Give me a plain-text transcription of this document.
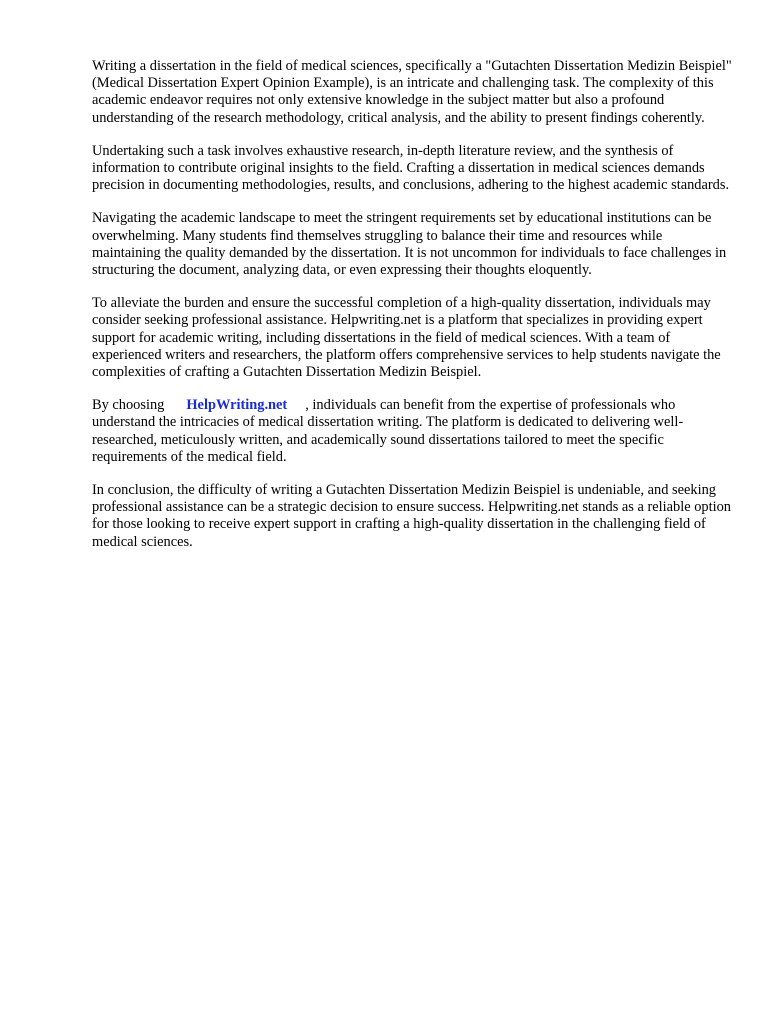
Writing a dissertation in the field of medical sciences, specifically a "Gutachten Dissertation Medizin Beispiel" (Medical Dissertation Expert Opinion Example), is an intricate and challenging task. The complexity of this academic endeavor requires not only extensive knowledge in the subject matter but also a profound understanding of the research methodology, critical analysis, and the ability to present findings coherently.

Undertaking such a task involves exhaustive research, in-depth literature review, and the synthesis of information to contribute original insights to the field. Crafting a dissertation in medical sciences demands precision in documenting methodologies, results, and conclusions, adhering to the highest academic standards.

Navigating the academic landscape to meet the stringent requirements set by educational institutions can be overwhelming. Many students find themselves struggling to balance their time and resources while maintaining the quality demanded by the dissertation. It is not uncommon for individuals to face challenges in structuring the document, analyzing data, or even expressing their thoughts eloquently.

To alleviate the burden and ensure the successful completion of a high-quality dissertation, individuals may consider seeking professional assistance. Helpwriting.net is a platform that specializes in providing expert support for academic writing, including dissertations in the field of medical sciences. With a team of experienced writers and researchers, the platform offers comprehensive services to help students navigate the complexities of crafting a Gutachten Dissertation Medizin Beispiel.

By choosing HelpWriting.net , individuals can benefit from the expertise of professionals who understand the intricacies of medical dissertation writing. The platform is dedicated to delivering well-researched, meticulously written, and academically sound dissertations tailored to meet the specific requirements of the medical field.

In conclusion, the difficulty of writing a Gutachten Dissertation Medizin Beispiel is undeniable, and seeking professional assistance can be a strategic decision to ensure success. Helpwriting.net stands as a reliable option for those looking to receive expert support in crafting a high-quality dissertation in the challenging field of medical sciences.
